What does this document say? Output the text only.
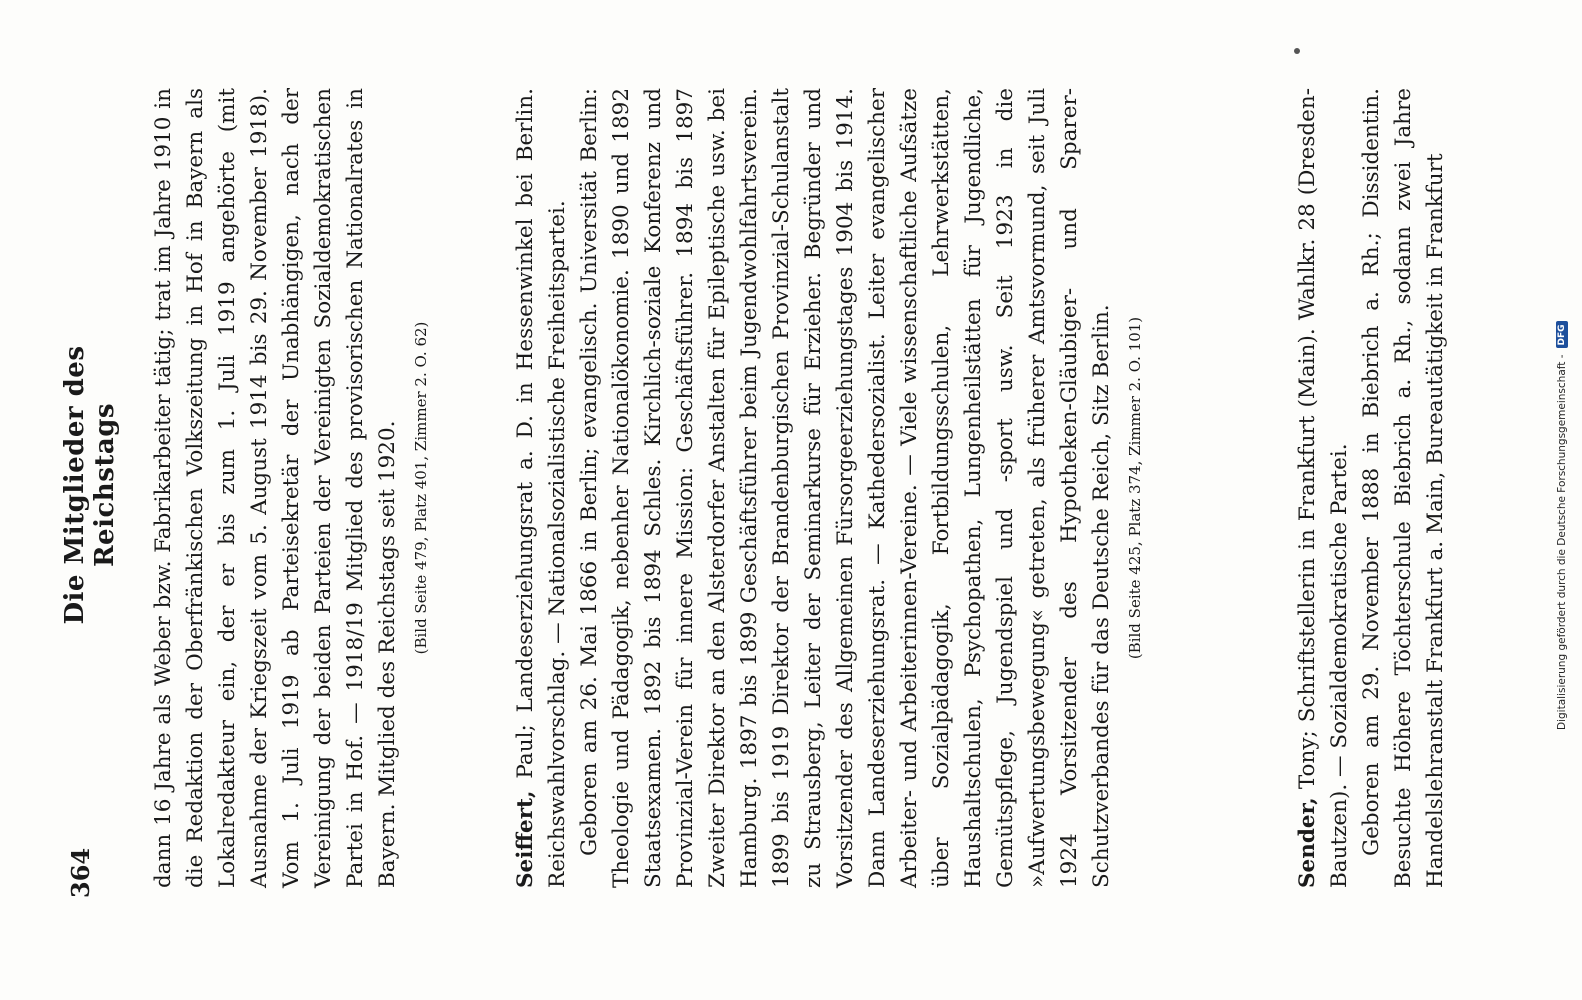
364
Die Mitglieder des Reichstags dann 16 Jahre als Weber bzw. Fabrikarbeiter tätig; trat im Jahre 1910 in die Redaktion der Oberfränkischen Volkszeitung in Hof in Bayern als Lokalredakteur ein, der er bis zum 1. Juli 1919 angehörte (mit Ausnahme der Kriegszeit vom 5. August 1914 bis 29. November 1918). Vom 1. Juli 1919 ab Parteisekretär der Unabhängigen, nach der Vereinigung der beiden Parteien der Vereinigten Sozialdemokratischen Partei in Hof. — 1918/19 Mitglied des provisorischen Nationalrates in Bayern. Mitglied des Reichstags seit 1920. (Bild Seite 479, Platz 401, Zimmer 2. O. 62)

Seiffert, Paul; Landeserziehungsrat a. D. in Hessenwinkel bei Berlin. Reichswahlvorschlag. — Nationalsozialistische Freiheitspartei. Geboren am 26. Mai 1866 in Berlin; evangelisch. Universität Berlin: Theologie und Pädagogik, nebenher Nationalökonomie. 1890 und 1892 Staatsexamen. 1892 bis 1894 Schles. Kirchlich-soziale Konferenz und Provinzial-Verein für innere Mission: Geschäftsführer. 1894 bis 1897 Zweiter Direktor an den Alsterdorfer Anstalten für Epileptische usw. bei Hamburg. 1897 bis 1899 Geschäftsführer beim Jugendwohlfahrtsverein. 1899 bis 1919 Direktor der Brandenburgischen Provinzial-Schulanstalt zu Strausberg, Leiter der Seminarkurse für Erzieher. Begründer und Vorsitzender des Allgemeinen Fürsorgeerziehungstages 1904 bis 1914. Dann Landeserziehungsrat. — Kathedersozialist. Leiter evangelischer Arbeiter- und Arbeiterinnen-Vereine. — Viele wissenschaftliche Aufsätze über Sozialpädagogik, Fortbildungsschulen, Lehrwerkstätten, Haushaltschulen, Psychopathen, Lungenheilstätten für Jugendliche, Gemütspflege, Jugendspiel und -sport usw. Seit 1923 in die »Aufwertungsbewegung« getreten, als früherer Amtsvormund, seit Juli 1924 Vorsitzender des Hypotheken-Gläubiger- und Sparer-Schutzverbandes für das Deutsche Reich, Sitz Berlin. (Bild Seite 425, Platz 374, Zimmer 2. O. 101)

Sender, Tony; Schriftstellerin in Frankfurt (Main). Wahlkr. 28 (Dresden-Bautzen). — Sozialdemokratische Partei. Geboren am 29. November 1888 in Biebrich a. Rh.; Dissidentin. Besuchte Höhere Töchterschule Biebrich a. Rh., sodann zwei Jahre Handelslehranstalt Frankfurt a. Main, Bureautätigkeit in Frankfurt	Digitalisierung gefördert durch die Deutsche Forschungsgemeinschaft -
DFG
